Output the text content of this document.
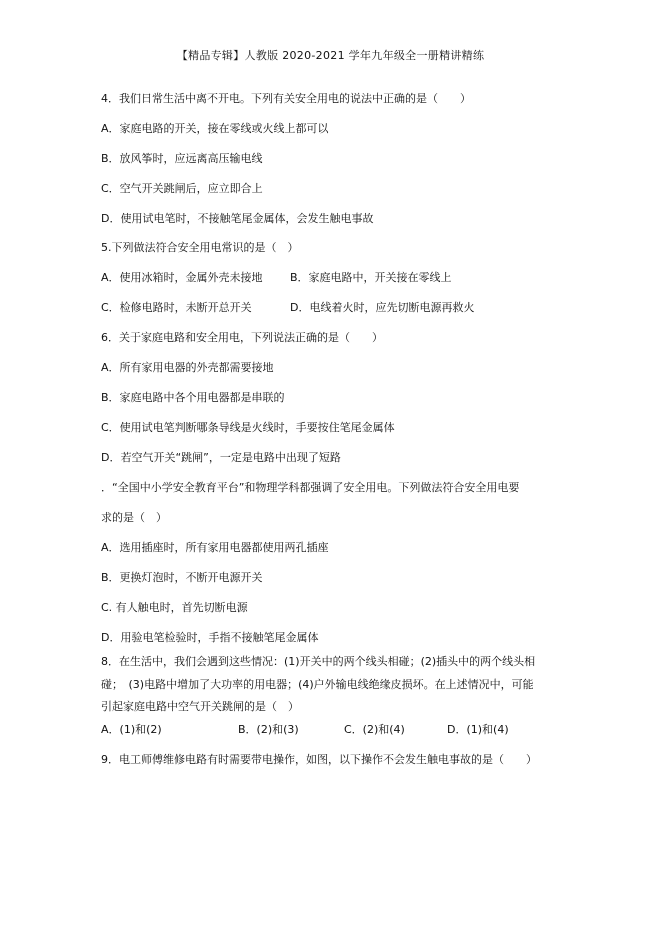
【精品专辑】人教版 2020-2021 学年九年级全一册精讲精练
4．我们日常生活中离不开电。下列有关安全用电的说法中正确的是（　　）
A．家庭电路的开关，接在零线或火线上都可以
B．放风筝时，应远离高压输电线
C．空气开关跳闸后，应立即合上
D．使用试电笔时，不接触笔尾金属体，会发生触电事故
5.下列做法符合安全用电常识的是（　）
A．使用冰箱时，金属外壳未接地 B．家庭电路中，开关接在零线上
C．检修电路时，未断开总开关	D．电线着火时，应先切断电源再救火
6．关于家庭电路和安全用电，下列说法正确的是（　　）
A．所有家用电器的外壳都需要接地
B．家庭电路中各个用电器都是串联的
C．使用试电笔判断哪条导线是火线时，手要按住笔尾金属体
D．若空气开关“跳闸”，一定是电路中出现了短路
．“全国中小学安全教育平台”和物理学科都强调了安全用电。下列做法符合安全用电要
求的是（　）
A．选用插座时，所有家用电器都使用两孔插座
B．更换灯泡时，不断开电源开关
C. 有人触电时，首先切断电源
D．用验电笔检验时，手指不接触笔尾金属体
8．在生活中，我们会遇到这些情况：(1)开关中的两个线头相碰；(2)插头中的两个线头相
碰；　(3)电路中增加了大功率的用电器；(4)户外输电线绝缘皮损坏。在上述情况中，可能
引起家庭电路中空气开关跳闸的是（　）
A．(1)和(2)	B．(2)和(3)	C．(2)和(4)	D．(1)和(4)
9．电工师傅维修电路有时需要带电操作，如图，以下操作不会发生触电事故的是（　　）
